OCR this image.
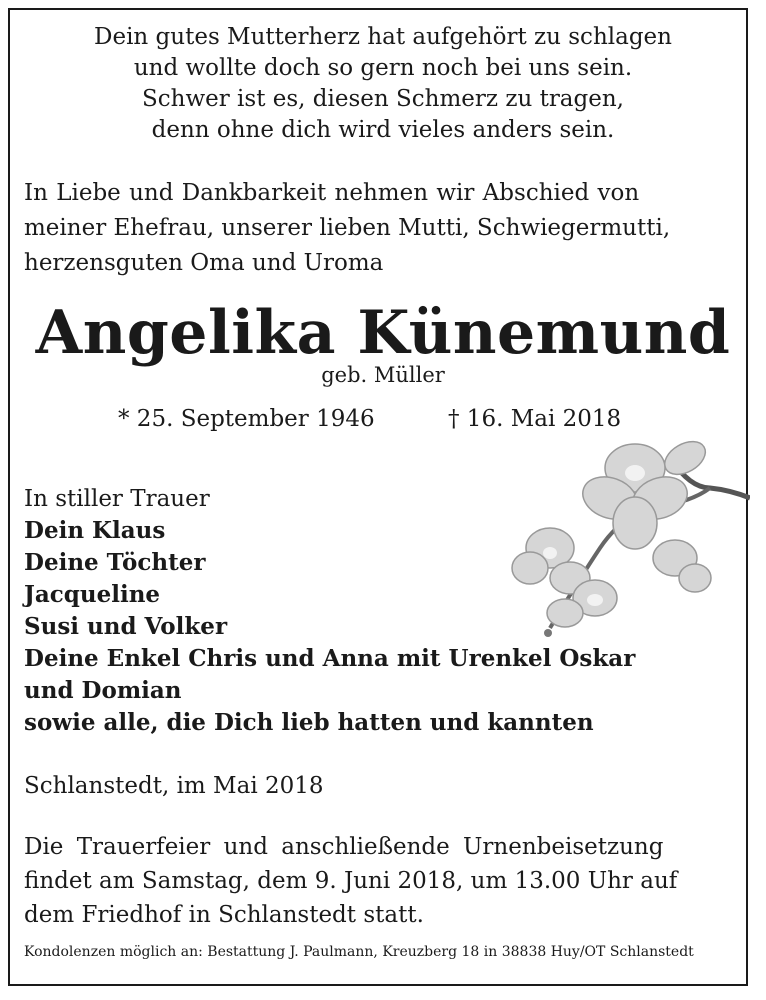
Dein gutes Mutterherz hat aufgehört zu schlagen
und wollte doch so gern noch bei uns sein.
Schwer ist es, diesen Schmerz zu tragen,
denn ohne dich wird vieles anders sein.
In Liebe und Dankbarkeit nehmen wir Abschied von
meiner Ehefrau, unserer lieben Mutti, Schwiegermutti,
herzensguten Oma und Uroma
Angelika Künemund
geb. Müller
* 25. September 1946	† 16. Mai 2018
In stiller Trauer
Dein Klaus
Deine Töchter
Jacqueline
Susi und Volker
Deine Enkel Chris und Anna mit Urenkel Oskar
und Domian
sowie alle, die Dich lieb hatten und kannten
Schlanstedt, im Mai 2018
Die Trauerfeier und anschließende Urnenbeisetzung
findet am Samstag, dem 9. Juni 2018, um 13.00 Uhr auf
dem Friedhof in Schlanstedt statt.
Kondolenzen möglich an: Bestattung J. Paulmann, Kreuzberg 18 in 38838 Huy/OT Schlanstedt
